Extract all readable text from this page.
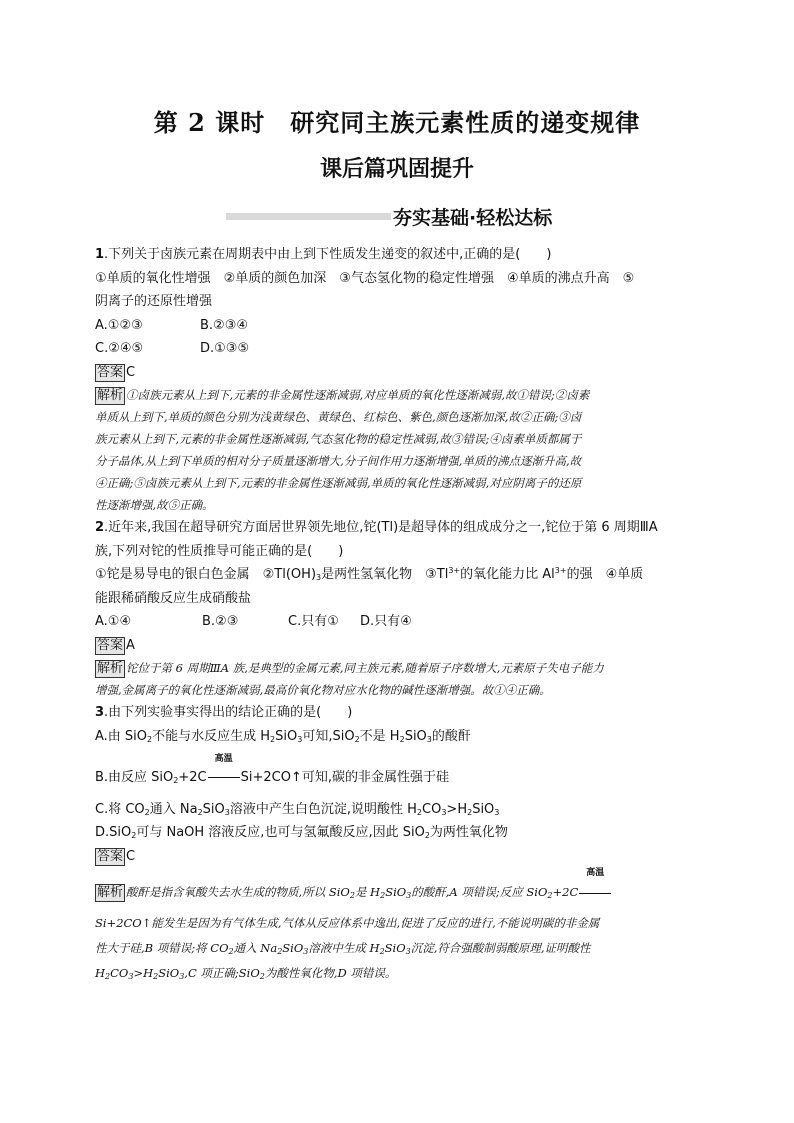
第 2 课时　研究同主族元素性质的递变规律
课后篇巩固提升
夯实基础·轻松达标

1.下列关于卤族元素在周期表中由上到下性质发生递变的叙述中,正确的是(　　)

①单质的氧化性增强　②单质的颜色加深　③气态氢化物的稳定性增强　④单质的沸点升高　⑤

阴离子的还原性增强

A.①②③	B.②③④
C.②④⑤	D.①③⑤

答案 C

解析 ①卤族元素从上到下,元素的非金属性逐渐减弱,对应单质的氧化性逐渐减弱,故①错误;②卤素
单质从上到下,单质的颜色分别为浅黄绿色、黄绿色、红棕色、紫色,颜色逐渐加深,故②正确;③卤
族元素从上到下,元素的非金属性逐渐减弱,气态氢化物的稳定性减弱,故③错误;④卤素单质都属于
分子晶体,从上到下单质的相对分子质量逐渐增大,分子间作用力逐渐增强,单质的沸点逐渐升高,故
④正确;⑤卤族元素从上到下,元素的非金属性逐渐减弱,单质的氧化性逐渐减弱,对应阴离子的还原
性逐渐增强,故⑤正确。

2.近年来,我国在超导研究方面居世界领先地位,铊(Tl)是超导体的组成成分之一,铊位于第 6 周期ⅢA

族,下列对铊的性质推导可能正确的是(　　)

①铊是易导电的银白色金属　$②Tl(OH)_3$是两性氢氧化物　$③Tl^{3+}$的氧化能力比 $Al^{3+}$的强　④单质

能跟稀硝酸反应生成硝酸盐

A.①④	B.②③	C.只有①	D.只有④

答案 A

解析 铊位于第 6 周期ⅢA 族,是典型的金属元素,同主族元素,随着原子序数增大,元素原子失电子能力
增强,金属离子的氧化性逐渐减弱,最高价氧化物对应水化物的碱性逐渐增强。故①④正确。

3.由下列实验事实得出的结论正确的是(　　)

A.由 SiO$_2$不能与水反应生成 $H_2SiO_3$可知,SiO$_2$不是 $H_2SiO_3$的酸酐

B.由反应 SiO$_2$+2C
高温
Si+2CO↑可知,碳的非金属性强于硅

C.将 $CO_2$通入 $Na_2SiO_3$溶液中产生白色沉淀,说明酸性 $H_2CO_3>H_2SiO_3$

D.SiO$_2$可与 NaOH 溶液反应,也可与氢氟酸反应,因此 SiO$_2$为两性氧化物

答案 C

解析 酸酐是指含氧酸失去水生成的物质,所以 SiO$_2$是 $H_2SiO_3$的酸酐,A 项错误;反应 SiO$_2$+2C
高温
Si+2CO↑能发生是因为有气体生成,气体从反应体系中逸出,促进了反应的进行,不能说明碳的非金属
性大于硅,B 项错误;将 $CO_2$通入 $Na_2SiO_3$溶液中生成 $H_2SiO_3$沉淀,符合强酸制弱酸原理,证明酸性
$H_2CO_3>H_2SiO_3,C$ 项正确;SiO$_2$为酸性氧化物,D 项错误。
